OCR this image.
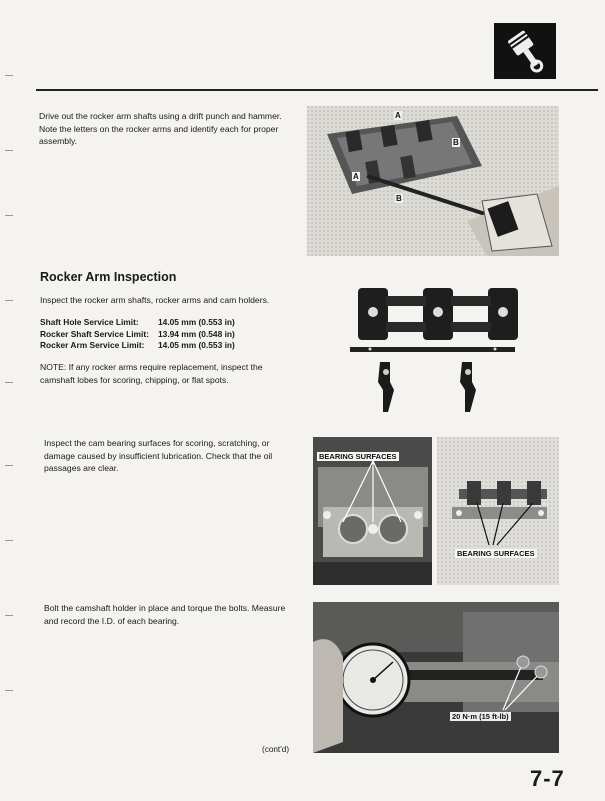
Drive out the rocker arm shafts using a drift punch and hammer. Note the letters on the rocker arms and identify each for proper assembly.

A
B
A
B
Rocker Arm Inspection

Inspect the rocker arm shafts, rocker arms and cam holders.

Shaft Hole Service Limit: 14.05 mm (0.553 in)
Rocker Shaft Service Limit: 13.94 mm (0.548 in)
Rocker Arm Service Limit: 14.05 mm (0.553 in)

NOTE: If any rocker arms require replacement, inspect the camshaft lobes for scoring, chipping, or flat spots.

Inspect the cam bearing surfaces for scoring, scratching, or damage caused by insufficient lubrication. Check that the oil passages are clear.

BEARING SURFACES
BEARING SURFACES

Bolt the camshaft holder in place and torque the bolts. Measure and record the I.D. of each bearing.

20 N·m (15 ft-lb)
(cont'd)
7-7
